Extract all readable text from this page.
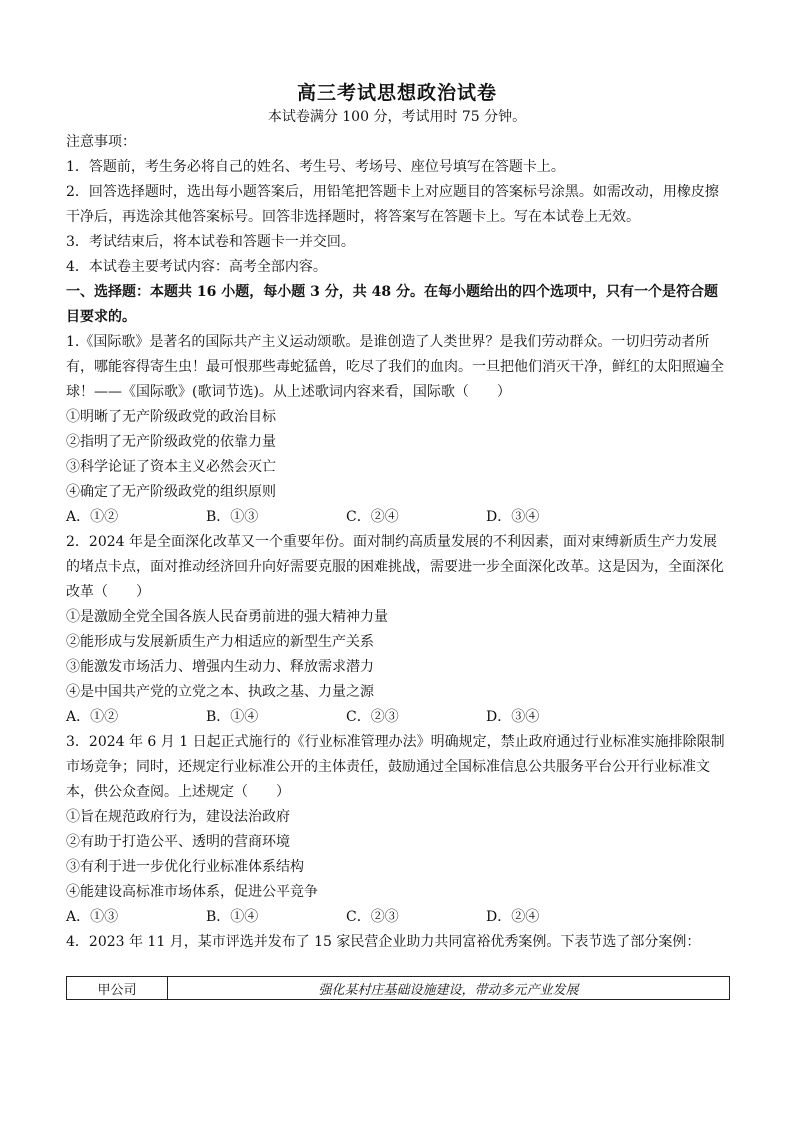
高三考试思想政治试卷
本试卷满分 100 分，考试用时 75 分钟。
注意事项：
1．答题前，考生务必将自己的姓名、考生号、考场号、座位号填写在答题卡上。
2．回答选择题时，选出每小题答案后，用铅笔把答题卡上对应题目的答案标号涂黑。如需改动，用橡皮擦干净后，再选涂其他答案标号。回答非选择题时，将答案写在答题卡上。写在本试卷上无效。
3．考试结束后，将本试卷和答题卡一并交回。
4．本试卷主要考试内容：高考全部内容。
一、选择题：本题共 16 小题，每小题 3 分，共 48 分。在每小题给出的四个选项中，只有一个是符合题目要求的。
1.《国际歌》是著名的国际共产主义运动颂歌。是谁创造了人类世界？是我们劳动群众。一切归劳动者所有，哪能容得寄生虫！最可恨那些毒蛇猛兽，吃尽了我们的血肉。一旦把他们消灭干净，鲜红的太阳照遍全球！——《国际歌》(歌词节选)。从上述歌词内容来看，国际歌（　　）
①明晰了无产阶级政党的政治目标
②指明了无产阶级政党的依靠力量
③科学论证了资本主义必然会灭亡
④确定了无产阶级政党的组织原则
A．①②	B．①③	C．②④	D．③④
2．2024 年是全面深化改革又一个重要年份。面对制约高质量发展的不利因素，面对束缚新质生产力发展的堵点卡点，面对推动经济回升向好需要克服的困难挑战，需要进一步全面深化改革。这是因为，全面深化改革（　　）
①是激励全党全国各族人民奋勇前进的强大精神力量
②能形成与发展新质生产力相适应的新型生产关系
③能激发市场活力、增强内生动力、释放需求潜力
④是中国共产党的立党之本、执政之基、力量之源
A．①②	B．①④	C．②③	D．③④
3．2024 年 6 月 1 日起正式施行的《行业标准管理办法》明确规定，禁止政府通过行业标准实施排除限制市场竞争；同时，还规定行业标准公开的主体责任，鼓励通过全国标准信息公共服务平台公开行业标准文本，供公众查阅。上述规定（　　）
①旨在规范政府行为，建设法治政府
②有助于打造公平、透明的营商环境
③有利于进一步优化行业标准体系结构
④能建设高标准市场体系，促进公平竞争
A．①③	B．①④	C．②③	D．②④
4．2023 年 11 月，某市评选并发布了 15 家民营企业助力共同富裕优秀案例。下表节选了部分案例：
甲公司	强化某村庄基础设施建设，带动多元产业发展
